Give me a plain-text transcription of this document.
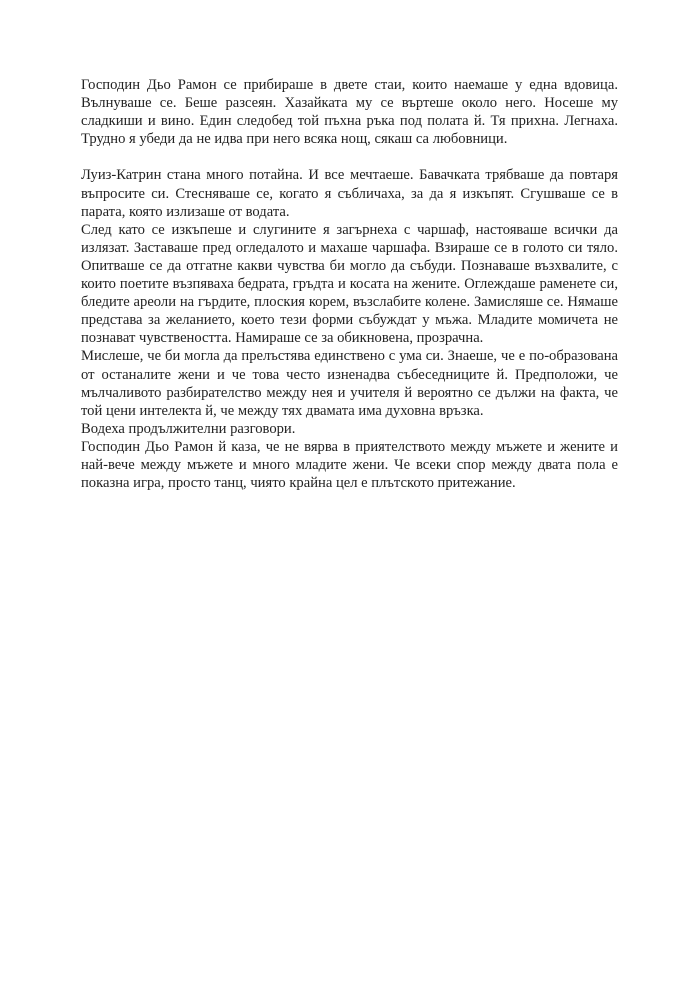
Господин Дьо Рамон се прибираше в двете стаи, които наемаше у една вдовица. Вълнуваше се. Беше разсеян. Хазайката му се въртеше около него. Носеше му сладкиши и вино. Един следобед той пъхна ръка под полата й. Тя прихна. Легнаха. Трудно я убеди да не идва при него всяка нощ, сякаш са любовници.

Луиз-Катрин стана много потайна. И все мечтаеше. Бавачката трябваше да повтаря въпросите си. Стесняваше се, когато я събличаха, за да я изкъпят. Сгушваше се в парата, която излизаше от водата.

След като се изкъпеше и слугините я загърнеха с чаршаф, настояваше всички да излязат. Заставаше пред огледалото и махаше чаршафа. Взираше се в голото си тяло. Опитваше се да отгатне какви чувства би могло да събуди. Познаваше възхвалите, с които поетите възпяваха бедрата, гръдта и косата на жените. Оглеждаше раменете си, бледите ареоли на гърдите, плоския корем, възслабите колене. Замисляше се. Нямаше представа за желанието, което тези форми събуждат у мъжа. Младите момичета не познават чувствеността. Намираше се за обикновена, прозрачна.

Мислеше, че би могла да прелъстява единствено с ума си. Знаеше, че е по-образована от останалите жени и че това често изненадва събеседниците й. Предположи, че мълчаливото разбирателство между нея и учителя й вероятно се дължи на факта, че той цени интелекта й, че между тях двамата има духовна връзка.

Водеха продължителни разговори.

Господин Дьо Рамон й каза, че не вярва в приятелството между мъжете и жените и най-вече между мъжете и много младите жени. Че всеки спор между двата пола е показна игра, просто танц, чиято крайна цел е плътското притежание.
